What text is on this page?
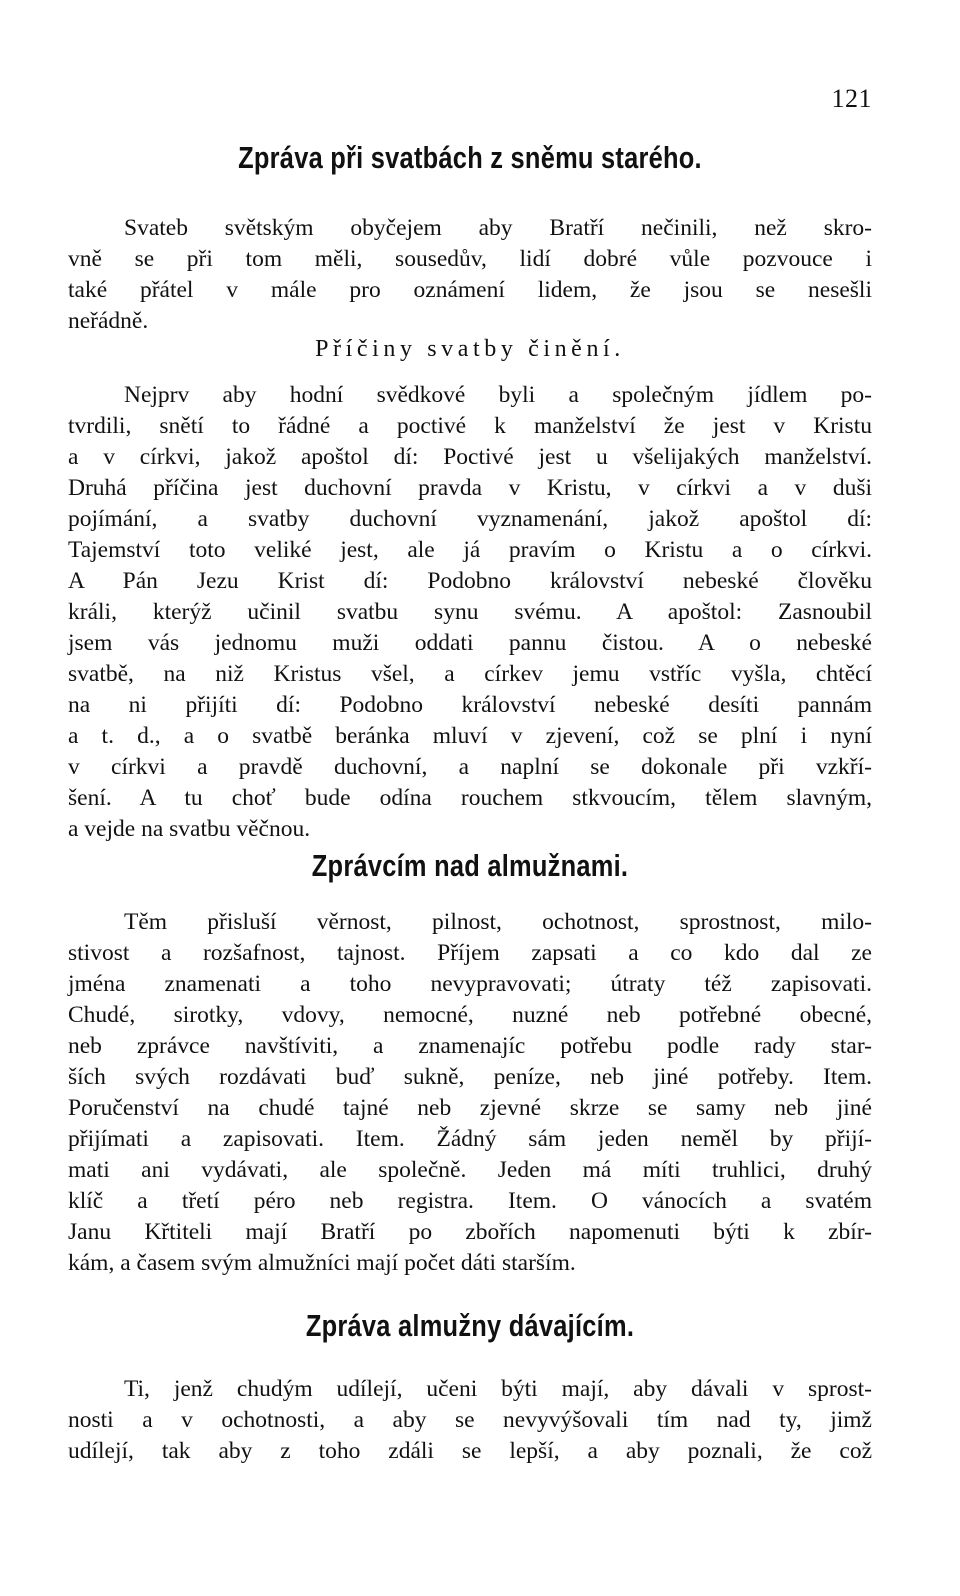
121
Zpráva při svatbách z sněmu starého.
Svateb světským obyčejem aby Bratří nečinili, než skro-
vně se při tom měli, sousedův, lidí dobré vůle pozvouce i
také přátel v mále pro oznámení lidem, že jsou se nesešli
neřádně.
Příčiny svatby činění.
Nejprv aby hodní svědkové byli a společným jídlem po-
tvrdili, snětí to řádné a poctivé k manželství že jest v Kristu
a v církvi, jakož apoštol dí: Poctivé jest u všelijakých manželství.
Druhá příčina jest duchovní pravda v Kristu, v církvi a v duši
pojímání, a svatby duchovní vyznamenání, jakož apoštol dí:
Tajemství toto veliké jest, ale já pravím o Kristu a o církvi.
A Pán Jezu Krist dí: Podobno království nebeské člověku
králi, kterýž učinil svatbu synu svému. A apoštol: Zasnoubil
jsem vás jednomu muži oddati pannu čistou. A o nebeské
svatbě, na niž Kristus všel, a církev jemu vstříc vyšla, chtěcí
na ni přijíti dí: Podobno království nebeské desíti pannám
a t. d., a o svatbě beránka mluví v zjevení, což se plní i nyní
v církvi a pravdě duchovní, a naplní se dokonale při vzkří-
šení. A tu choť bude odína rouchem stkvoucím, tělem slavným,
a vejde na svatbu věčnou.
Zprávcím nad almužnami.
Těm přisluší věrnost, pilnost, ochotnost, sprostnost, milo-
stivost a rozšafnost, tajnost. Příjem zapsati a co kdo dal ze
jména znamenati a toho nevypravovati; útraty též zapisovati.
Chudé, sirotky, vdovy, nemocné, nuzné neb potřebné obecné,
neb zprávce navštíviti, a znamenajíc potřebu podle rady star-
ších svých rozdávati buď sukně, peníze, neb jiné potřeby. Item.
Poručenství na chudé tajné neb zjevné skrze se samy neb jiné
přijímati a zapisovati. Item. Žádný sám jeden neměl by přijí-
mati ani vydávati, ale společně. Jeden má míti truhlici, druhý
klíč a třetí péro neb registra. Item. O vánocích a svatém
Janu Křtiteli mají Bratří po zbořích napomenuti býti k zbír-
kám, a časem svým almužníci mají počet dáti starším.
Zpráva almužny dávajícím.
Ti, jenž chudým udílejí, učeni býti mají, aby dávali v sprost-
nosti a v ochotnosti, a aby se nevyvýšovali tím nad ty, jimž
udílejí, tak aby z toho zdáli se lepší, a aby poznali, že což
